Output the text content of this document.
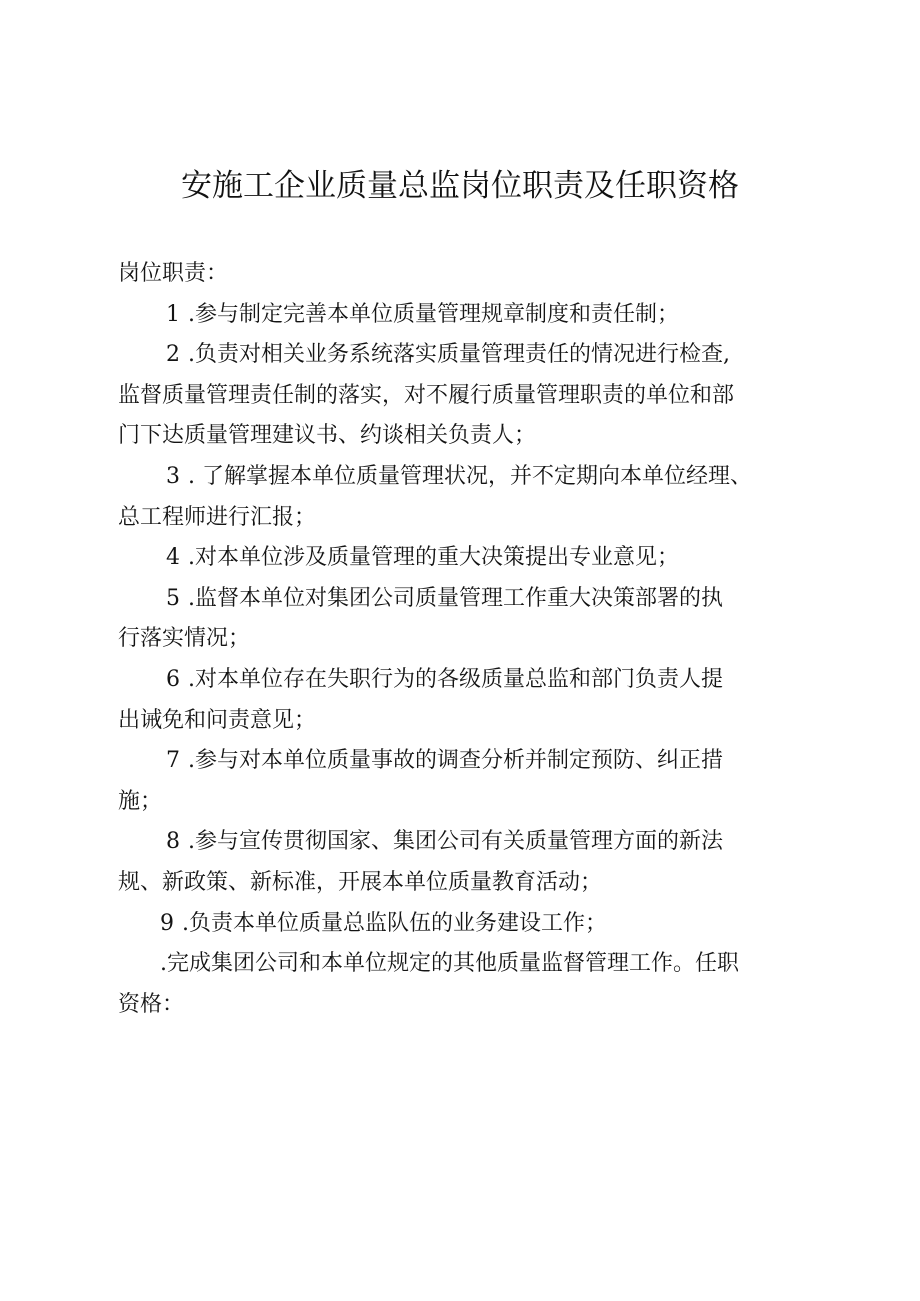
安施工企业质量总监岗位职责及任职资格
岗位职责：
1 .参与制定完善本单位质量管理规章制度和责任制；
2 .负责对相关业务系统落实质量管理责任的情况进行检查,
监督质量管理责任制的落实，对不履行质量管理职责的单位和部
门下达质量管理建议书、约谈相关负责人；
3 . 了解掌握本单位质量管理状况，并不定期向本单位经理、
总工程师进行汇报；
4 .对本单位涉及质量管理的重大决策提出专业意见；
5 .监督本单位对集团公司质量管理工作重大决策部署的执
行落实情况；
6 .对本单位存在失职行为的各级质量总监和部门负责人提
出诫免和问责意见；
7 .参与对本单位质量事故的调查分析并制定预防、纠正措
施；
8 .参与宣传贯彻国家、集团公司有关质量管理方面的新法
规、新政策、新标准，开展本单位质量教育活动；
9 .负责本单位质量总监队伍的业务建设工作；
.完成集团公司和本单位规定的其他质量监督管理工作。任职
资格：
